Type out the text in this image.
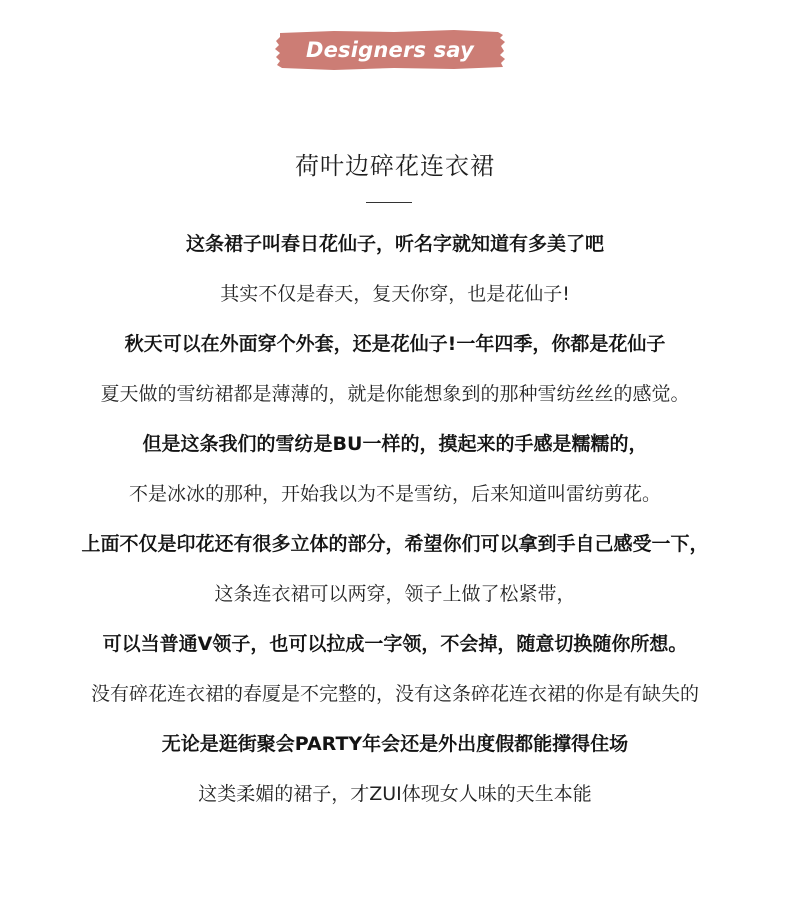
Designers say
荷叶边碎花连衣裙
这条裙子叫春日花仙子，听名字就知道有多美了吧
其实不仅是春天，复天你穿，也是花仙子!
秋天可以在外面穿个外套，还是花仙子!一年四季，你都是花仙子
夏天做的雪纺裙都是薄薄的，就是你能想象到的那种雪纺丝丝的感觉。
但是这条我们的雪纺是BU一样的，摸起来的手感是糯糯的，
不是冰冰的那种，开始我以为不是雪纺，后来知道叫雷纺剪花。
上面不仅是印花还有很多立体的部分，希望你们可以拿到手自己感受一下，
这条连衣裙可以两穿，领子上做了松紧带，
可以当普通V领子，也可以拉成一字领，不会掉，随意切换随你所想。
没有碎花连衣裙的春厦是不完整的，没有这条碎花连衣裙的你是有缺失的
无论是逛街聚会PARTY年会还是外出度假都能撑得住场
这类柔媚的裙子，才ZUI体现女人味的天生本能
